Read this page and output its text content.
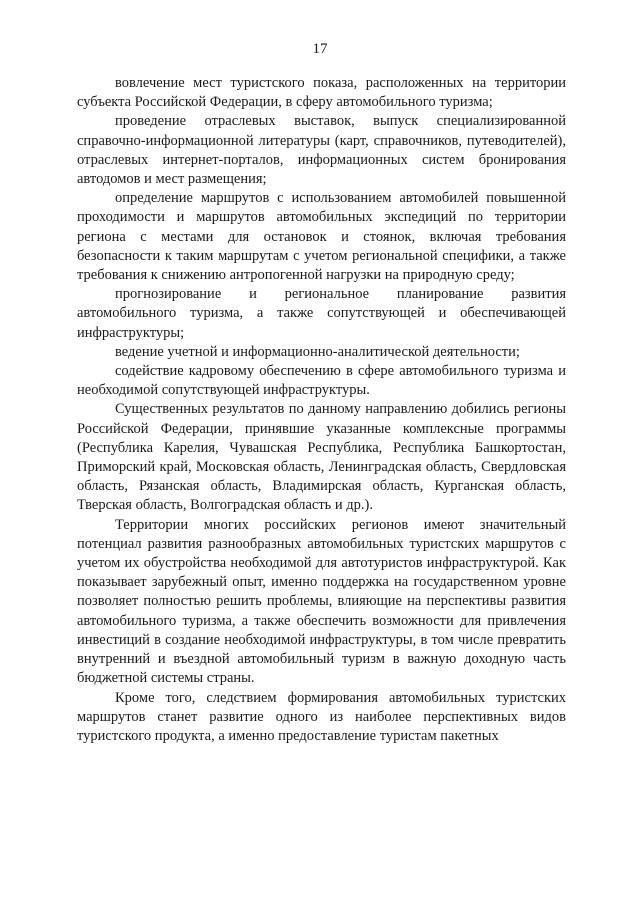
17

вовлечение мест туристского показа, расположенных на территории субъекта Российской Федерации, в сферу автомобильного туризма;

проведение отраслевых выставок, выпуск специализированной справочно-информационной литературы (карт, справочников, путеводителей), отраслевых интернет-порталов, информационных систем бронирования автодомов и мест размещения;

определение маршрутов с использованием автомобилей повышенной проходимости и маршрутов автомобильных экспедиций по территории региона с местами для остановок и стоянок, включая требования безопасности к таким маршрутам с учетом региональной специфики, а также требования к снижению антропогенной нагрузки на природную среду;

прогнозирование и региональное планирование развития автомобильного туризма, а также сопутствующей и обеспечивающей инфраструктуры;

ведение учетной и информационно-аналитической деятельности;

содействие кадровому обеспечению в сфере автомобильного туризма и необходимой сопутствующей инфраструктуры.

Существенных результатов по данному направлению добились регионы Российской Федерации, принявшие указанные комплексные программы (Республика Карелия, Чувашская Республика, Республика Башкортостан, Приморский край, Московская область, Ленинградская область, Свердловская область, Рязанская область, Владимирская область, Курганская область, Тверская область, Волгоградская область и др.).

Территории многих российских регионов имеют значительный потенциал развития разнообразных автомобильных туристских маршрутов с учетом их обустройства необходимой для автотуристов инфраструктурой. Как показывает зарубежный опыт, именно поддержка на государственном уровне позволяет полностью решить проблемы, влияющие на перспективы развития автомобильного туризма, а также обеспечить возможности для привлечения инвестиций в создание необходимой инфраструктуры, в том числе превратить внутренний и въездной автомобильный туризм в важную доходную часть бюджетной системы страны.

Кроме того, следствием формирования автомобильных туристских маршрутов станет развитие одного из наиболее перспективных видов туристского продукта, а именно предоставление туристам пакетных
